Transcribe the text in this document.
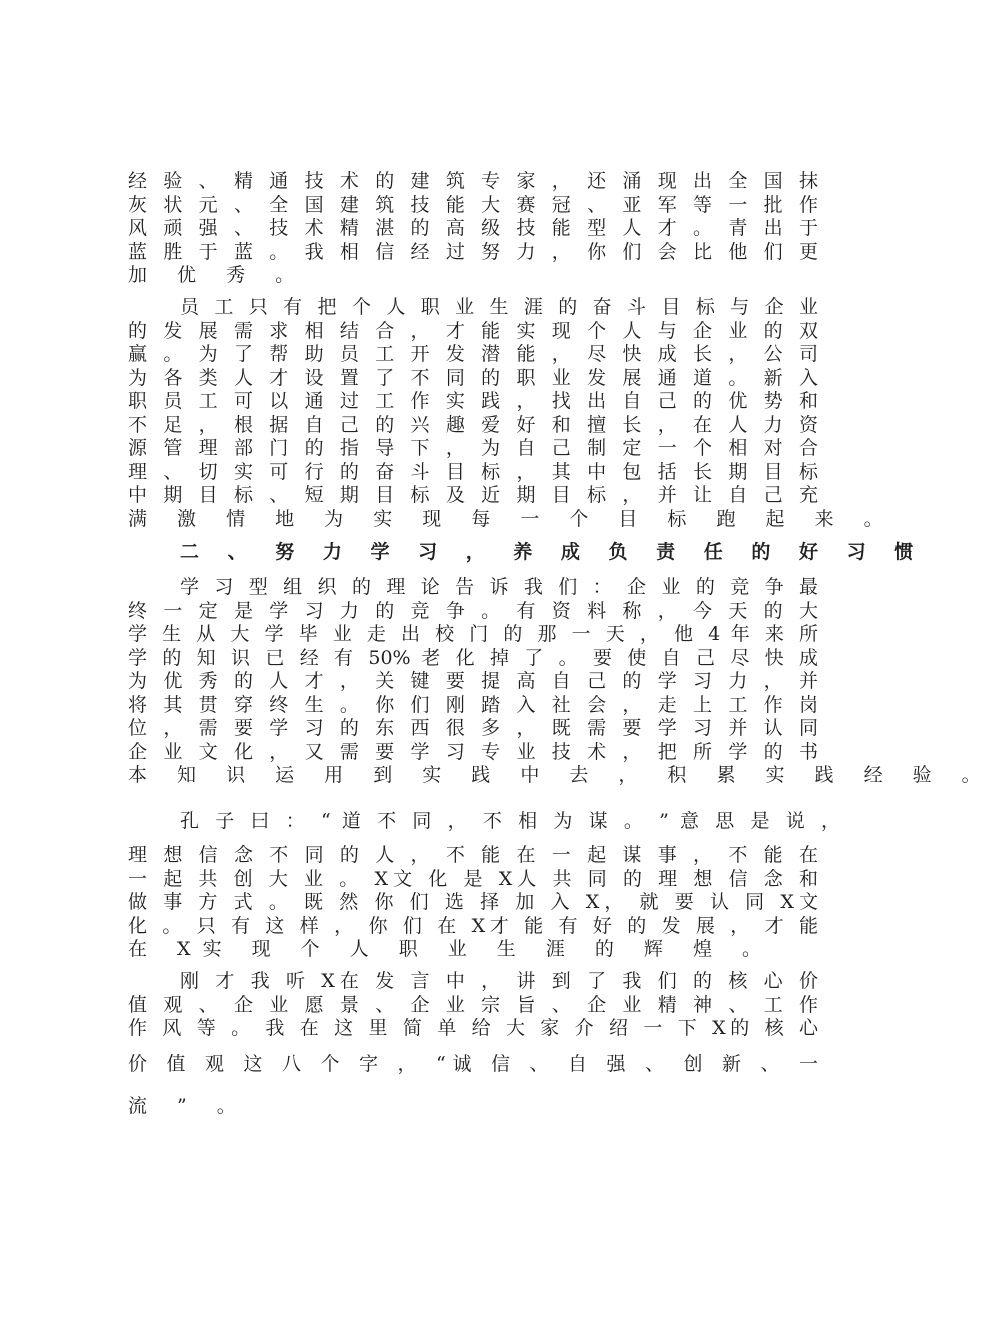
经 验 、 精 通 技 术 的 建 筑 专 家 ， 还 涌 现 出 全 国 抹
灰 状 元 、 全 国 建 筑 技 能 大 赛 冠 、 亚 军 等 一 批 作
风 顽 强 、 技 术 精 湛 的 高 级 技 能 型 人 才 。 青 出 于
蓝 胜 于 蓝 。 我 相 信 经 过 努 力 ， 你 们 会 比 他 们 更
加 优 秀 。
员 工 只 有 把 个 人 职 业 生 涯 的 奋 斗 目 标 与 企 业
的 发 展 需 求 相 结 合 ， 才 能 实 现 个 人 与 企 业 的 双
赢 。 为 了 帮 助 员 工 开 发 潜 能 ， 尽 快 成 长 ， 公 司
为 各 类 人 才 设 置 了 不 同 的 职 业 发 展 通 道 。 新 入
职 员 工 可 以 通 过 工 作 实 践 ， 找 出 自 己 的 优 势 和
不 足 ， 根 据 自 己 的 兴 趣 爱 好 和 擅 长 ， 在 人 力 资
源 管 理 部 门 的 指 导 下 ， 为 自 己 制 定 一 个 相 对 合
理 、 切 实 可 行 的 奋 斗 目 标 ， 其 中 包 括 长 期 目 标
中 期 目 标 、 短 期 目 标 及 近 期 目 标 ， 并 让 自 己 充
满 激 情 地 为 实 现 每 一 个 目 标 跑 起 来 。
二 、 努 力 学 习 ， 养 成 负 责 任 的 好 习 惯
学 习 型 组 织 的 理 论 告 诉 我 们 ： 企 业 的 竞 争 最
终 一 定 是 学 习 力 的 竞 争 。 有 资 料 称 ， 今 天 的 大
学 生 从 大 学 毕 业 走 出 校 门 的 那 一 天 ， 他 4 年 来 所
学 的 知 识 已 经 有 50% 老 化 掉 了 。 要 使 自 己 尽 快 成
为 优 秀 的 人 才 ， 关 键 要 提 高 自 己 的 学 习 力 ， 并
将 其 贯 穿 终 生 。 你 们 刚 踏 入 社 会 ， 走 上 工 作 岗
位 ， 需 要 学 习 的 东 西 很 多 ， 既 需 要 学 习 并 认 同
企 业 文 化 ， 又 需 要 学 习 专 业 技 术 ， 把 所 学 的 书
本 知 识 运 用 到 实 践 中 去 ， 积 累 实 践 经 验 。
孔 子 曰 ： “ 道 不 同 ， 不 相 为 谋 。 ” 意 思 是 说 ，
理 想 信 念 不 同 的 人 ， 不 能 在 一 起 谋 事 ， 不 能 在
一 起 共 创 大 业 。 X文 化 是 X人 共 同 的 理 想 信 念 和
做 事 方 式 。 既 然 你 们 选 择 加 入 X， 就 要 认 同 X文
化 。 只 有 这 样 ， 你 们 在 X才 能 有 好 的 发 展 ， 才 能
在 X实 现 个 人 职 业 生 涯 的 辉 煌 。
刚 才 我 听 X在 发 言 中 ， 讲 到 了 我 们 的 核 心 价
值 观 、 企 业 愿 景 、 企 业 宗 旨 、 企 业 精 神 、 工 作
作 风 等 。 我 在 这 里 简 单 给 大 家 介 绍 一 下 X的 核 心
价 值 观 这 八 个 字 ， “诚 信 、 自 强 、 创 新 、 一
流 ” 。
